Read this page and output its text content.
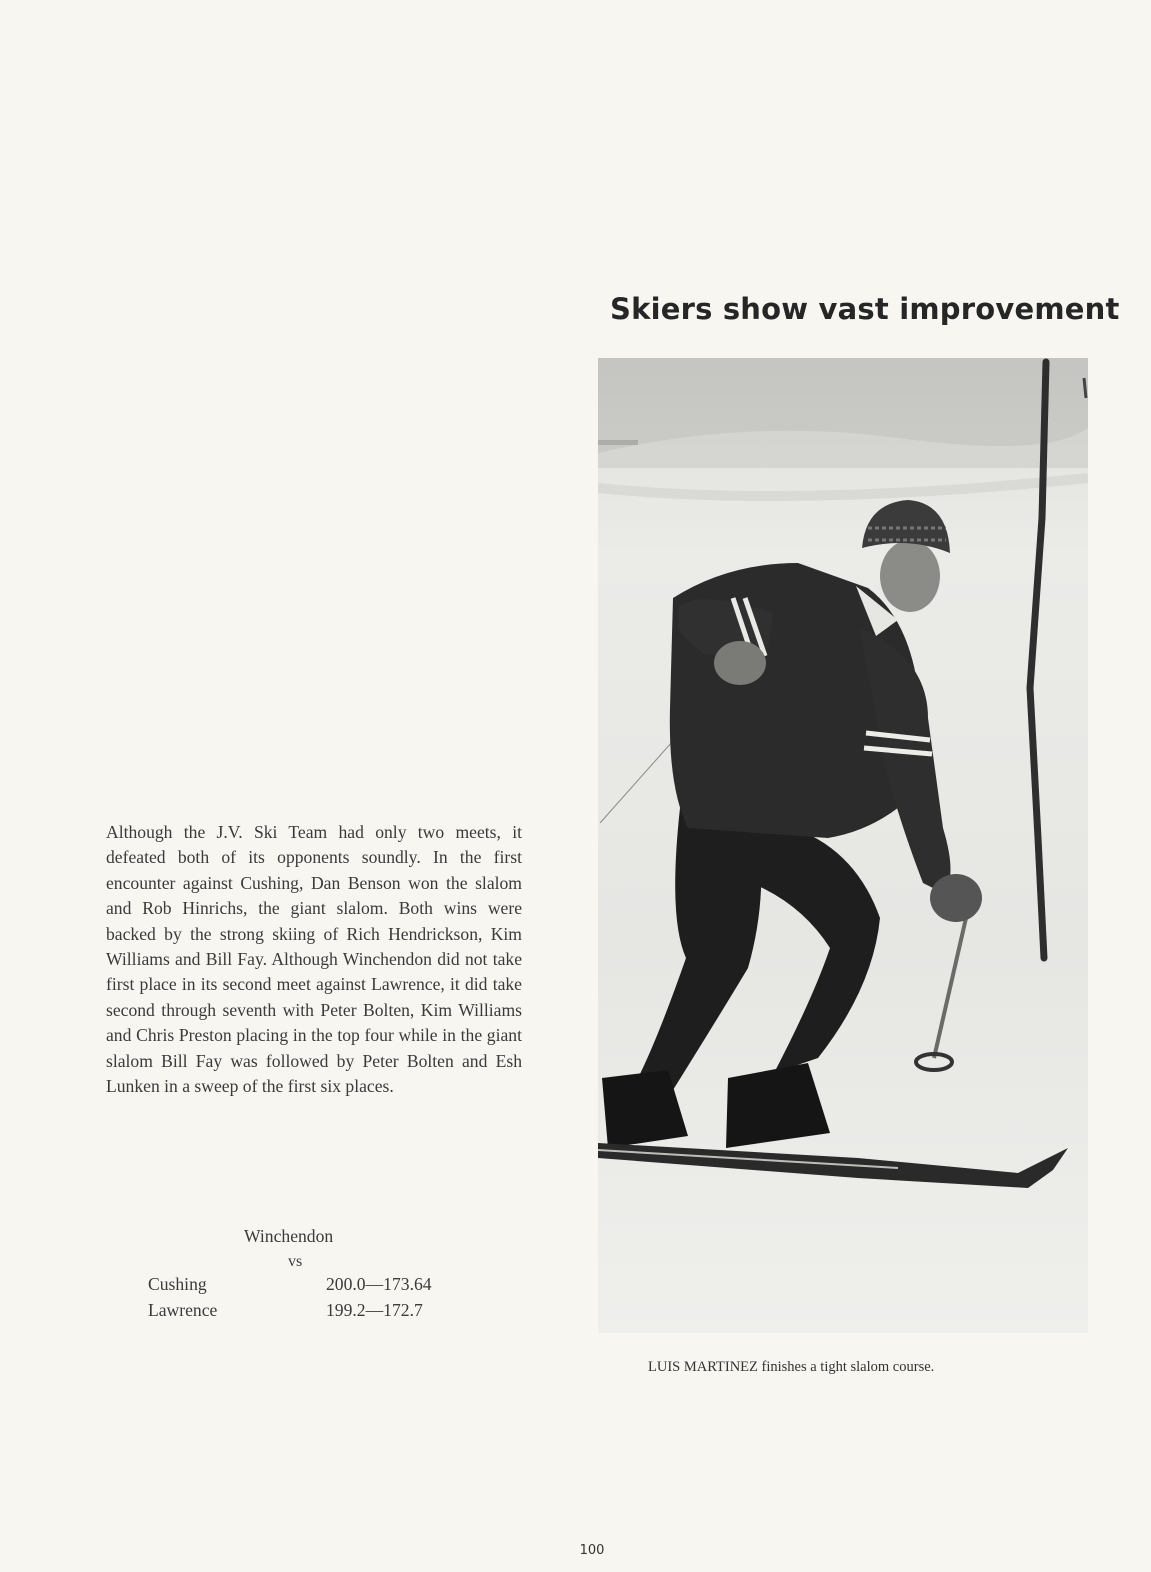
Skiers show vast improvement
Although the J.V. Ski Team had only two meets, it defeated both of its opponents soundly. In the first encounter against Cushing, Dan Benson won the slalom and Rob Hinrichs, the giant slalom. Both wins were backed by the strong skiing of Rich Hendrickson, Kim Williams and Bill Fay. Although Winchendon did not take first place in its second meet against Lawrence, it did take second through seventh with Peter Bolten, Kim Williams and Chris Preston placing in the top four while in the giant slalom Bill Fay was followed by Peter Bolten and Esh Lunken in a sweep of the first six places.
Winchendon
vs
Cushing	200.0—173.64
Lawrence	199.2—172.7
LUIS MARTINEZ finishes a tight slalom course.
100
